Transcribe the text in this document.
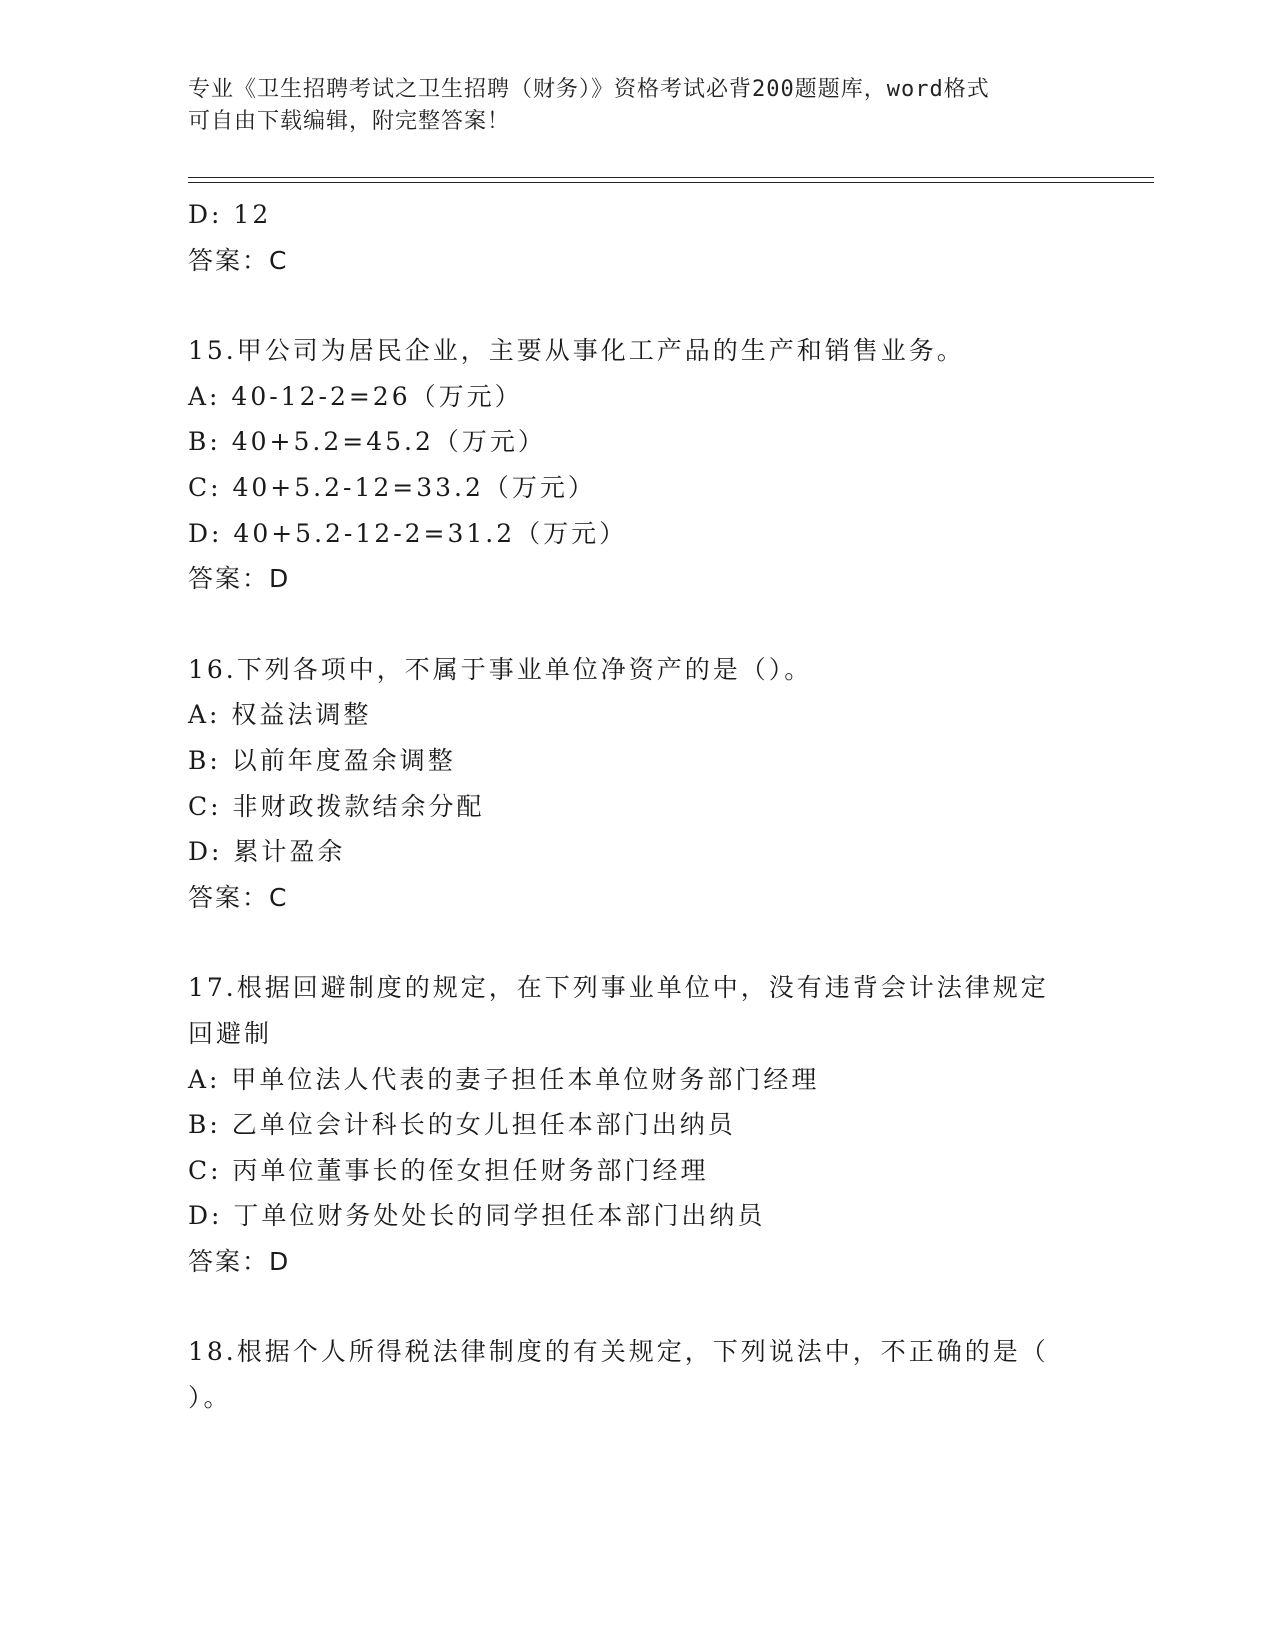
专业《卫生招聘考试之卫生招聘（财务）》资格考试必背200题题库，word格式
可自由下载编辑，附完整答案！
D: 12
答案：C
15.甲公司为居民企业，主要从事化工产品的生产和销售业务。
A: 40-12-2=26（万元）
B: 40+5.2=45.2（万元）
C: 40+5.2-12=33.2（万元）
D: 40+5.2-12-2=31.2（万元）
答案：D
16.下列各项中，不属于事业单位净资产的是（）。
A: 权益法调整
B: 以前年度盈余调整
C: 非财政拨款结余分配
D: 累计盈余
答案：C
17.根据回避制度的规定，在下列事业单位中，没有违背会计法律规定
回避制
A: 甲单位法人代表的妻子担任本单位财务部门经理
B: 乙单位会计科长的女儿担任本部门出纳员
C: 丙单位董事长的侄女担任财务部门经理
D: 丁单位财务处处长的同学担任本部门出纳员
答案：D
18.根据个人所得税法律制度的有关规定，下列说法中，不正确的是（
）。
